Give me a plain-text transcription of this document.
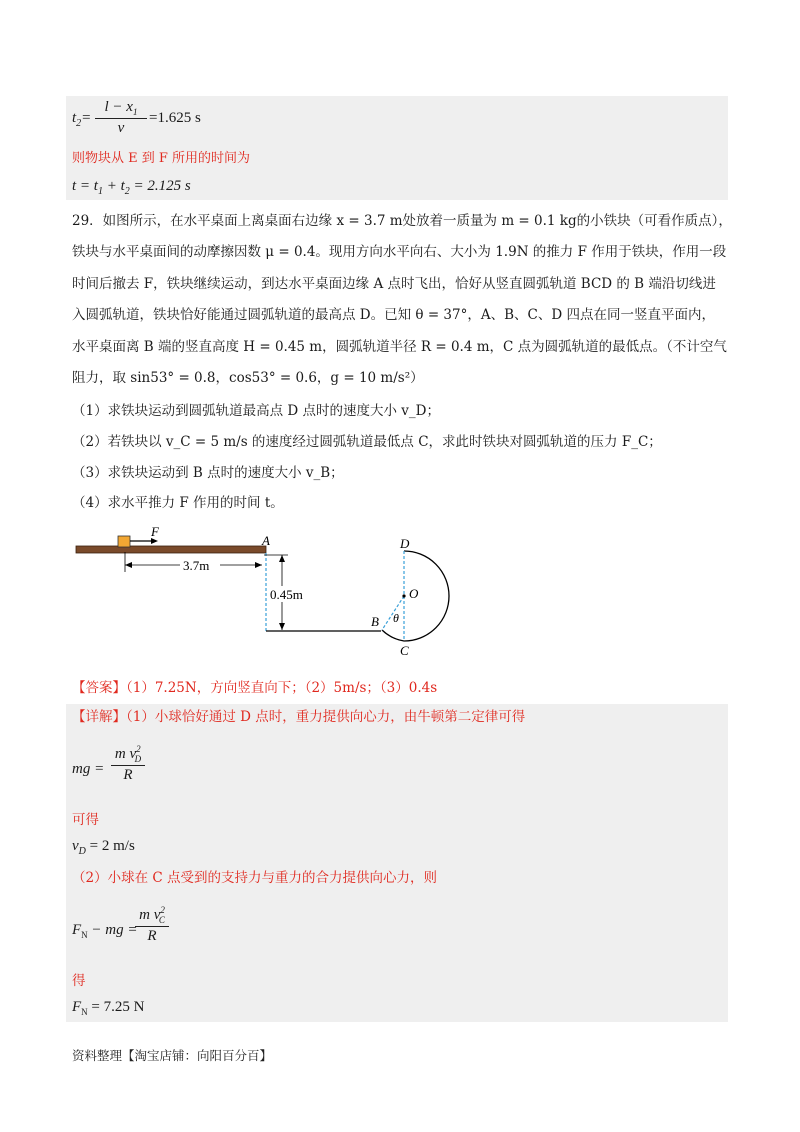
$t_2= \frac{l - x_1}{v} =1.625$ s
则物块从 E 到 F 所用的时间为
$t = t_1 + t_2 = 2.125$ s
29．如图所示，在水平桌面上离桌面右边缘 x = 3.7 m处放着一质量为 m = 0.1 kg的小铁块（可看作质点），
铁块与水平桌面间的动摩擦因数 μ = 0.4。现用方向水平向右、大小为 1.9N 的推力 F 作用于铁块，作用一段
时间后撤去 F，铁块继续运动，到达水平桌面边缘 A 点时飞出，恰好从竖直圆弧轨道 BCD 的 B 端沿切线进
入圆弧轨道，铁块恰好能通过圆弧轨道的最高点 D。已知 θ = 37°，A、B、C、D 四点在同一竖直平面内，
水平桌面离 B 端的竖直高度 H = 0.45 m，圆弧轨道半径 R = 0.4 m，C 点为圆弧轨道的最低点。（不计空气
阻力，取 sin53° = 0.8，cos53° = 0.6，g = 10 m/s²）
（1）求铁块运动到圆弧轨道最高点 D 点时的速度大小 v_D；
（2）若铁块以 v_C = 5 m/s 的速度经过圆弧轨道最低点 C，求此时铁块对圆弧轨道的压力 F_C；
（3）求铁块运动到 B 点时的速度大小 v_B；
（4）求水平推力 F 作用的时间 t。
F
A
3.7m
0.45m
D
O
θ
B
C
【答案】（1）7.25N，方向竖直向下；（2）5m/s；（3）0.4s
【详解】（1）小球恰好通过 D 点时，重力提供向心力，由牛顿第二定律可得
mg = $\frac{m v^2_D}{R}$
可得
$v_D = 2$ m/s
（2）小球在 C 点受到的支持力与重力的合力提供向心力，则
$F_N$ − mg =
$\frac{m v^2_C}{R}$
得
$F_N = 7.25$ N
资料整理【淘宝店铺：向阳百分百】
